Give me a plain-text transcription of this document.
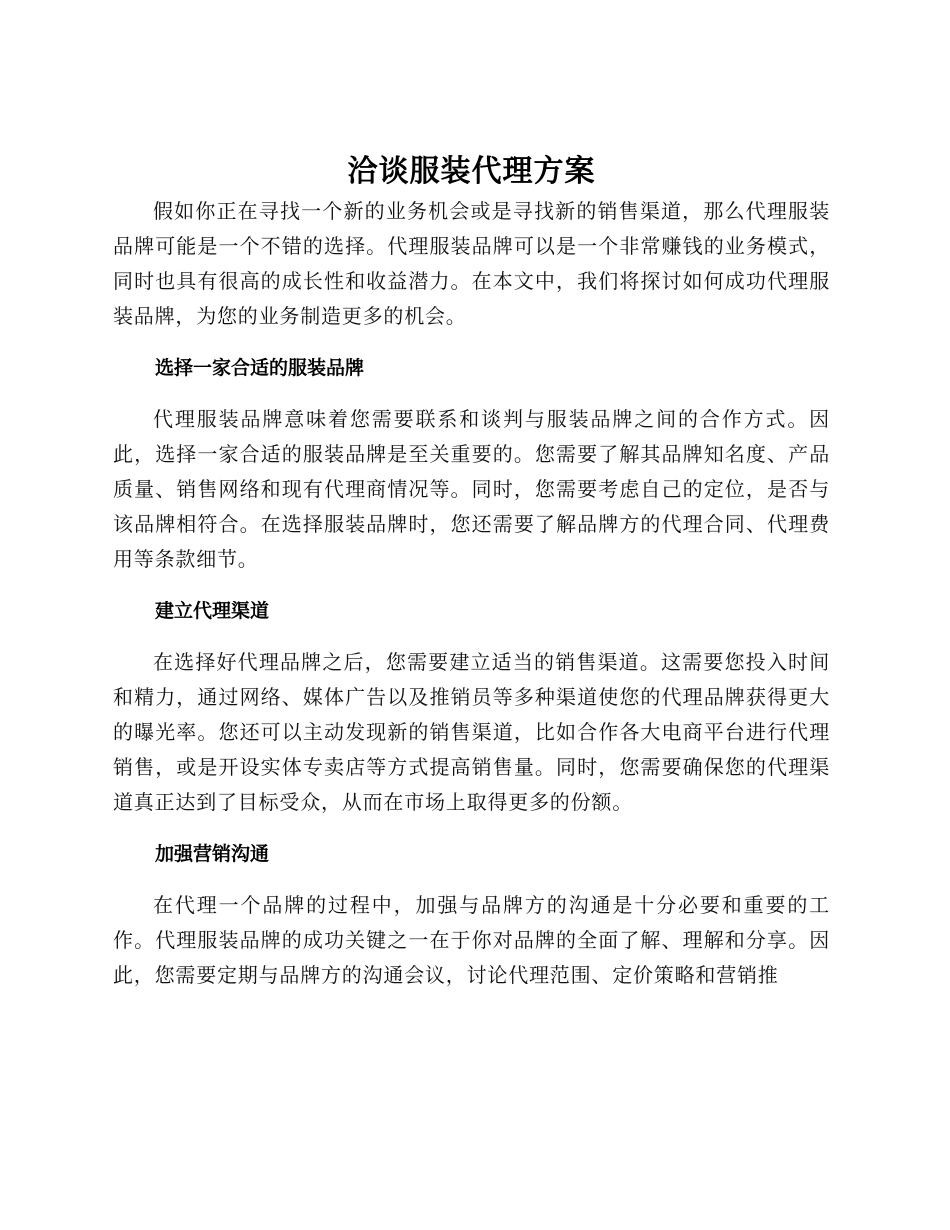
洽谈服装代理方案

假如你正在寻找一个新的业务机会或是寻找新的销售渠道，那么代理服装品牌可能是一个不错的选择。代理服装品牌可以是一个非常赚钱的业务模式，同时也具有很高的成长性和收益潜力。在本文中，我们将探讨如何成功代理服装品牌，为您的业务制造更多的机会。

选择一家合适的服装品牌

代理服装品牌意味着您需要联系和谈判与服装品牌之间的合作方式。因此，选择一家合适的服装品牌是至关重要的。您需要了解其品牌知名度、产品质量、销售网络和现有代理商情况等。同时，您需要考虑自己的定位，是否与该品牌相符合。在选择服装品牌时，您还需要了解品牌方的代理合同、代理费用等条款细节。

建立代理渠道

在选择好代理品牌之后，您需要建立适当的销售渠道。这需要您投入时间和精力，通过网络、媒体广告以及推销员等多种渠道使您的代理品牌获得更大的曝光率。您还可以主动发现新的销售渠道，比如合作各大电商平台进行代理销售，或是开设实体专卖店等方式提高销售量。同时，您需要确保您的代理渠道真正达到了目标受众，从而在市场上取得更多的份额。

加强营销沟通

在代理一个品牌的过程中，加强与品牌方的沟通是十分必要和重要的工作。代理服装品牌的成功关键之一在于你对品牌的全面了解、理解和分享。因此，您需要定期与品牌方的沟通会议，讨论代理范围、定价策略和营销推
